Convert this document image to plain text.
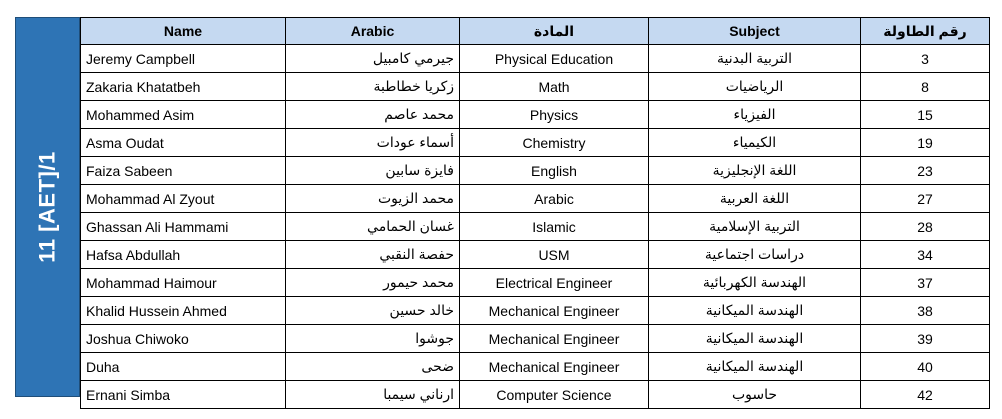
11 [AET]/1
Name	Arabic	المادة	Subject	رقم الطاولة
Jeremy Campbell	جيرمي كامبيل	Physical Education	التربية البدنية	3
Zakaria Khatatbeh	زكريا خطاطبة	Math	الرياضيات	8
Mohammed Asim	محمد عاصم	Physics	الفيزياء	15
Asma Oudat	أسماء عودات	Chemistry	الكيمياء	19
Faiza Sabeen	فايزة سابين	English	اللغة الإنجليزية	23
Mohammad Al Zyout	محمد الزيوت	Arabic	اللغة العربية	27
Ghassan Ali Hammami	غسان الحمامي	Islamic	التربية الإسلامية	28
Hafsa Abdullah	حفصة النقبي	USM	دراسات اجتماعية	34
Mohammad Haimour	محمد حيمور	Electrical Engineer	الهندسة الكهربائية	37
Khalid Hussein Ahmed	خالد حسين	Mechanical Engineer	الهندسة الميكانية	38
Joshua Chiwoko	جوشوا	Mechanical Engineer	الهندسة الميكانية	39
Duha	ضحى	Mechanical Engineer	الهندسة الميكانية	40
Ernani Simba	ارناني سيمبا	Computer Science	حاسوب	42
